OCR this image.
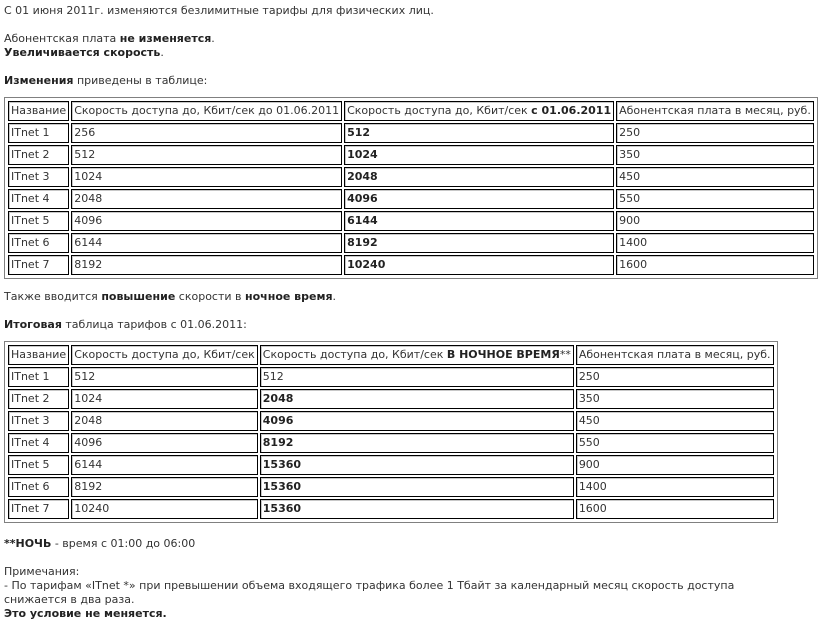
С 01 июня 2011г. изменяются безлимитные тарифы для физических лиц.

Абонентская плата не изменяется.

Увеличивается скорость.

Изменения приведены в таблице:

Название	Скорость доступа до, Кбит/сек до 01.06.2011	Скорость доступа до, Кбит/сек с 01.06.2011	Абонентская плата в месяц, руб.
ITnet 1	256	512	250
ITnet 2	512	1024	350
ITnet 3	1024	2048	450
ITnet 4	2048	4096	550
ITnet 5	4096	6144	900
ITnet 6	6144	8192	1400
ITnet 7	8192	10240	1600

Также вводится повышение скорости в ночное время.

Итоговая таблица тарифов с 01.06.2011:

Название	Скорость доступа до, Кбит/сек	Скорость доступа до, Кбит/сек В НОЧНОЕ ВРЕМЯ**	Абонентская плата в месяц, руб.
ITnet 1	512	512	250
ITnet 2	1024	2048	350
ITnet 3	2048	4096	450
ITnet 4	4096	8192	550
ITnet 5	6144	15360	900
ITnet 6	8192	15360	1400
ITnet 7	10240	15360	1600

**НОЧЬ - время с 01:00 до 06:00

Примечания:

- По тарифам «ITnet *» при превышении объема входящего трафика более 1 Тбайт за календарный месяц скорость доступа снижается в два раза.

Это условие не меняется.
